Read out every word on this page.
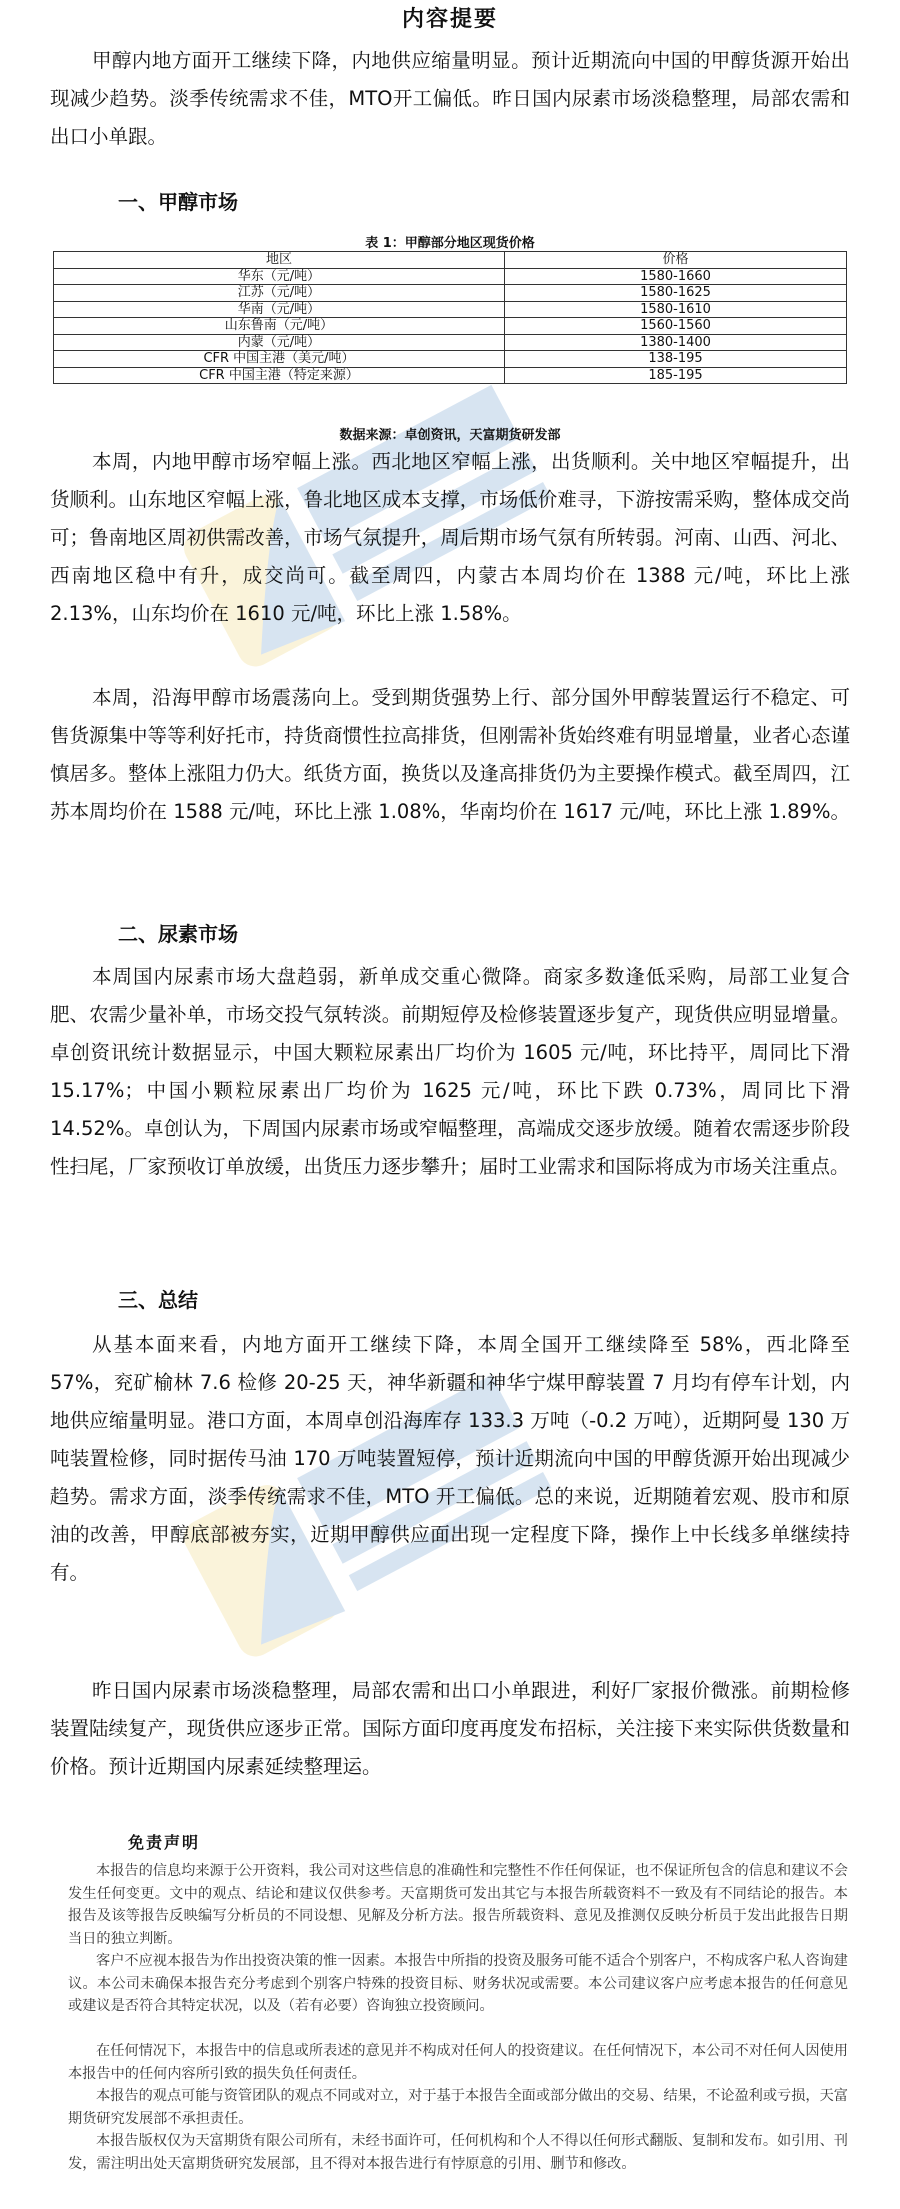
内容提要
甲醇内地方面开工继续下降，内地供应缩量明显。预计近期流向中国的甲醇货源开始出现减少趋势。淡季传统需求不佳，MTO开工偏低。昨日国内尿素市场淡稳整理，局部农需和出口小单跟。
一、甲醇市场
表 1：甲醇部分地区现货价格
地区	价格
华东（元/吨）	1580-1660
江苏（元/吨）	1580-1625
华南（元/吨）	1580-1610
山东鲁南（元/吨）	1560-1560
内蒙（元/吨）	1380-1400
CFR 中国主港（美元/吨）	138-195
CFR 中国主港（特定来源）	185-195
数据来源：卓创资讯，天富期货研发部
本周，内地甲醇市场窄幅上涨。西北地区窄幅上涨，出货顺利。关中地区窄幅提升，出货顺利。山东地区窄幅上涨，鲁北地区成本支撑，市场低价难寻，下游按需采购，整体成交尚可；鲁南地区周初供需改善，市场气氛提升，周后期市场气氛有所转弱。河南、山西、河北、西南地区稳中有升，成交尚可。截至周四，内蒙古本周均价在 1388 元/吨，环比上涨 2.13%，山东均价在 1610 元/吨，环比上涨 1.58%。
本周，沿海甲醇市场震荡向上。受到期货强势上行、部分国外甲醇装置运行不稳定、可售货源集中等等利好托市，持货商惯性拉高排货，但刚需补货始终难有明显增量，业者心态谨慎居多。整体上涨阻力仍大。纸货方面，换货以及逢高排货仍为主要操作模式。截至周四，江苏本周均价在 1588 元/吨，环比上涨 1.08%，华南均价在 1617 元/吨，环比上涨 1.89%。
二、尿素市场
本周国内尿素市场大盘趋弱，新单成交重心微降。商家多数逢低采购，局部工业复合肥、农需少量补单，市场交投气氛转淡。前期短停及检修装置逐步复产，现货供应明显增量。卓创资讯统计数据显示，中国大颗粒尿素出厂均价为 1605 元/吨，环比持平，周同比下滑 15.17%；中国小颗粒尿素出厂均价为 1625 元/吨，环比下跌 0.73%，周同比下滑 14.52%。卓创认为，下周国内尿素市场或窄幅整理，高端成交逐步放缓。随着农需逐步阶段性扫尾，厂家预收订单放缓，出货压力逐步攀升；届时工业需求和国际将成为市场关注重点。
三、总结
从基本面来看，内地方面开工继续下降，本周全国开工继续降至 58%，西北降至 57%，兖矿榆林 7.6 检修 20-25 天，神华新疆和神华宁煤甲醇装置 7 月均有停车计划，内地供应缩量明显。港口方面，本周卓创沿海库存 133.3 万吨（-0.2 万吨），近期阿曼 130 万吨装置检修，同时据传马油 170 万吨装置短停，预计近期流向中国的甲醇货源开始出现减少趋势。需求方面，淡季传统需求不佳，MTO 开工偏低。总的来说，近期随着宏观、股市和原油的改善，甲醇底部被夯实，近期甲醇供应面出现一定程度下降，操作上中长线多单继续持有。
昨日国内尿素市场淡稳整理，局部农需和出口小单跟进，利好厂家报价微涨。前期检修装置陆续复产，现货供应逐步正常。国际方面印度再度发布招标，关注接下来实际供货数量和价格。预计近期国内尿素延续整理运。
免责声明
本报告的信息均来源于公开资料，我公司对这些信息的准确性和完整性不作任何保证，也不保证所包含的信息和建议不会发生任何变更。文中的观点、结论和建议仅供参考。天富期货可发出其它与本报告所载资料不一致及有不同结论的报告。本报告及该等报告反映编写分析员的不同设想、见解及分析方法。报告所载资料、意见及推测仅反映分析员于发出此报告日期当日的独立判断。
客户不应视本报告为作出投资决策的惟一因素。本报告中所指的投资及服务可能不适合个别客户，不构成客户私人咨询建议。本公司未确保本报告充分考虑到个别客户特殊的投资目标、财务状况或需要。本公司建议客户应考虑本报告的任何意见或建议是否符合其特定状况，以及（若有必要）咨询独立投资顾问。
在任何情况下，本报告中的信息或所表述的意见并不构成对任何人的投资建议。在任何情况下，本公司不对任何人因使用本报告中的任何内容所引致的损失负任何责任。
本报告的观点可能与资管团队的观点不同或对立，对于基于本报告全面或部分做出的交易、结果，不论盈利或亏损，天富期货研究发展部不承担责任。
本报告版权仅为天富期货有限公司所有，未经书面许可，任何机构和个人不得以任何形式翻版、复制和发布。如引用、刊发，需注明出处天富期货研究发展部，且不得对本报告进行有悖原意的引用、删节和修改。
